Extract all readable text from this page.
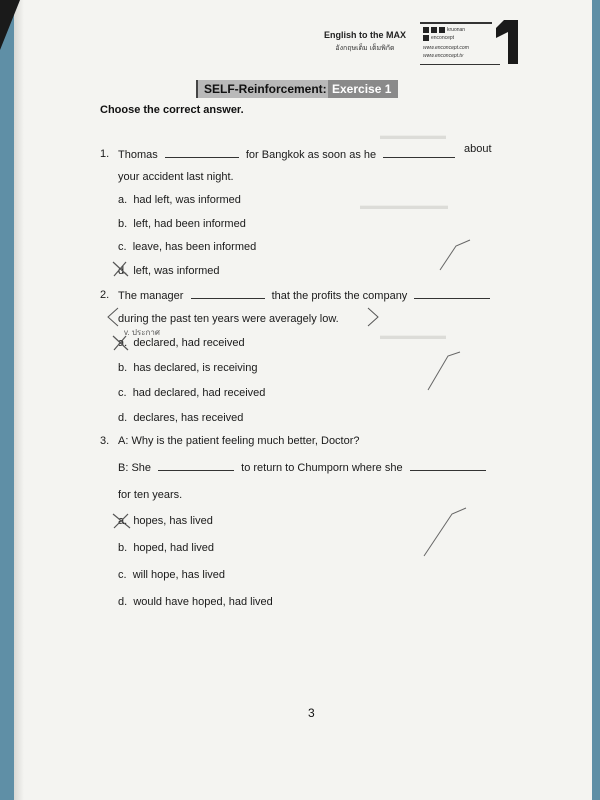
▬▬▬▬▬▬
▬▬▬▬▬▬▬▬
▬▬▬▬▬▬
English to the MAX
อังกฤษเต็ม เต็มพิกัด
kruonan
enconcept
www.enconcept.com
www.enconcept.tv
SELF-Reinforcement: Exercise 1
Choose the correct answer.
1. Thomas	for Bangkok as soon as he	about
your accident last night.
a. had left, was informed
b. left, had been informed
c. leave, has been informed
d. left, was informed
2. The manager	that the profits the company
during the past ten years were averagely low.
v. ประกาศ
a. declared, had received
b. has declared, is receiving
c. had declared, had received
d. declares, has received
3. A: Why is the patient feeling much better, Doctor?
B: She	to return to Chumporn where she
for ten years.
a. hopes, has lived
b. hoped, had lived
c. will hope, has lived
d. would have hoped, had lived
3
